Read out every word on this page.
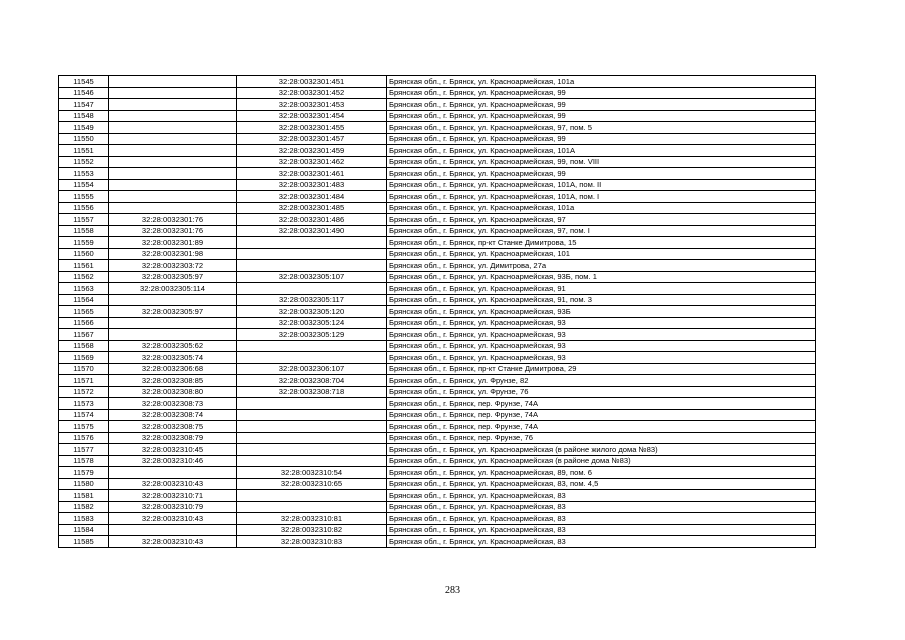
11545		32:28:0032301:451	Брянская обл., г. Брянск, ул. Красноармейская, 101а
11546		32:28:0032301:452	Брянская обл., г. Брянск, ул. Красноармейская, 99
11547		32:28:0032301:453	Брянская обл., г. Брянск, ул. Красноармейская, 99
11548		32:28:0032301:454	Брянская обл., г. Брянск, ул. Красноармейская, 99
11549		32:28:0032301:455	Брянская обл., г. Брянск, ул. Красноармейская, 97, пом. 5
11550		32:28:0032301:457	Брянская обл., г. Брянск, ул. Красноармейская, 99
11551		32:28:0032301:459	Брянская обл., г. Брянск, ул. Красноармейская, 101А
11552		32:28:0032301:462	Брянская обл., г. Брянск, ул. Красноармейская, 99, пом. VIII
11553		32:28:0032301:461	Брянская обл., г. Брянск, ул. Красноармейская, 99
11554		32:28:0032301:483	Брянская обл., г. Брянск, ул. Красноармейская, 101А, пом. II
11555		32:28:0032301:484	Брянская обл., г. Брянск, ул. Красноармейская, 101А, пом. I
11556		32:28:0032301:485	Брянская обл., г. Брянск, ул. Красноармейская, 101а
11557	32:28:0032301:76	32:28:0032301:486	Брянская обл., г. Брянск, ул. Красноармейская, 97
11558	32:28:0032301:76	32:28:0032301:490	Брянская обл., г. Брянск, ул. Красноармейская, 97, пом. I
11559	32:28:0032301:89		Брянская обл., г. Брянск, пр-кт Станке Димитрова, 15
11560	32:28:0032301:98		Брянская обл., г. Брянск, ул. Красноармейская, 101
11561	32:28:0032303:72		Брянская обл., г. Брянск, ул. Димитрова, 27а
11562	32:28:0032305:97	32:28:0032305:107	Брянская обл., г. Брянск, ул. Красноармейская, 93Б, пом. 1
11563	32:28:0032305:114		Брянская обл., г. Брянск, ул. Красноармейская, 91
11564		32:28:0032305:117	Брянская обл., г. Брянск, ул. Красноармейская, 91, пом. 3
11565	32:28:0032305:97	32:28:0032305:120	Брянская обл., г. Брянск, ул. Красноармейская, 93Б
11566		32:28:0032305:124	Брянская обл., г. Брянск, ул. Красноармейская, 93
11567		32:28:0032305:129	Брянская обл., г. Брянск, ул. Красноармейская, 93
11568	32:28:0032305:62		Брянская обл., г. Брянск, ул. Красноармейская, 93
11569	32:28:0032305:74		Брянская обл., г. Брянск, ул. Красноармейская, 93
11570	32:28:0032306:68	32:28:0032306:107	Брянская обл., г. Брянск, пр-кт Станке Димитрова, 29
11571	32:28:0032308:85	32:28:0032308:704	Брянская обл., г. Брянск, ул. Фрунзе, 82
11572	32:28:0032308:80	32:28:0032308:718	Брянская обл., г. Брянск, ул. Фрунзе, 76
11573	32:28:0032308:73		Брянская обл., г. Брянск, пер. Фрунзе, 74А
11574	32:28:0032308:74		Брянская обл., г. Брянск, пер. Фрунзе, 74А
11575	32:28:0032308:75		Брянская обл., г. Брянск, пер. Фрунзе, 74А
11576	32:28:0032308:79		Брянская обл., г. Брянск, пер. Фрунзе, 76
11577	32:28:0032310:45		Брянская обл., г. Брянск, ул. Красноармейская (в районе жилого дома №83)
11578	32:28:0032310:46		Брянская обл., г. Брянск, ул. Красноармейская (в районе дома №83)
11579		32:28:0032310:54	Брянская обл., г. Брянск, ул. Красноармейская, 89, пом. 6
11580	32:28:0032310:43	32:28:0032310:65	Брянская обл., г. Брянск, ул. Красноармейская, 83, пом. 4,5
11581	32:28:0032310:71		Брянская обл., г. Брянск, ул. Красноармейская, 83
11582	32:28:0032310:79		Брянская обл., г. Брянск, ул. Красноармейская, 83
11583	32:28:0032310:43	32:28:0032310:81	Брянская обл., г. Брянск, ул. Красноармейская, 83
11584		32:28:0032310:82	Брянская обл., г. Брянск, ул. Красноармейская, 83
11585	32:28:0032310:43	32:28:0032310:83	Брянская обл., г. Брянск, ул. Красноармейская, 83
283
